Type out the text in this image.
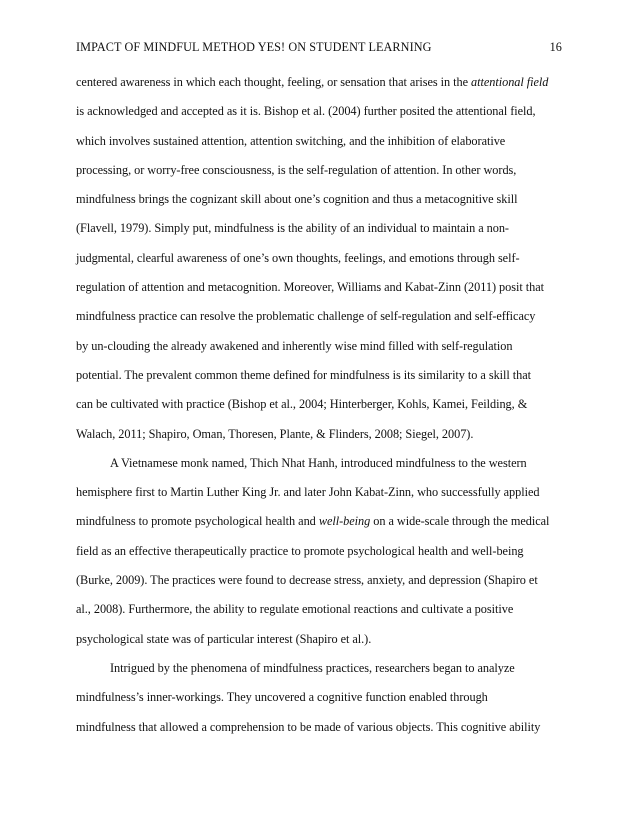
IMPACT OF MINDFUL METHOD YES! ON STUDENT LEARNING	16
centered awareness in which each thought, feeling, or sensation that arises in the attentional field
is acknowledged and accepted as it is. Bishop et al. (2004) further posited the attentional field,
which involves sustained attention, attention switching, and the inhibition of elaborative
processing, or worry-free consciousness, is the self-regulation of attention. In other words,
mindfulness brings the cognizant skill about one’s cognition and thus a metacognitive skill
(Flavell, 1979). Simply put, mindfulness is the ability of an individual to maintain a non-
judgmental, clearful awareness of one’s own thoughts, feelings, and emotions through self-
regulation of attention and metacognition. Moreover, Williams and Kabat-Zinn (2011) posit that
mindfulness practice can resolve the problematic challenge of self-regulation and self-efficacy
by un-clouding the already awakened and inherently wise mind filled with self-regulation
potential. The prevalent common theme defined for mindfulness is its similarity to a skill that
can be cultivated with practice (Bishop et al., 2004; Hinterberger, Kohls, Kamei, Feilding, &
Walach, 2011; Shapiro, Oman, Thoresen, Plante, & Flinders, 2008; Siegel, 2007).
A Vietnamese monk named, Thich Nhat Hanh, introduced mindfulness to the western
hemisphere first to Martin Luther King Jr. and later John Kabat-Zinn, who successfully applied
mindfulness to promote psychological health and well-being on a wide-scale through the medical
field as an effective therapeutically practice to promote psychological health and well-being
(Burke, 2009). The practices were found to decrease stress, anxiety, and depression (Shapiro et
al., 2008). Furthermore, the ability to regulate emotional reactions and cultivate a positive
psychological state was of particular interest (Shapiro et al.).
Intrigued by the phenomena of mindfulness practices, researchers began to analyze
mindfulness’s inner-workings. They uncovered a cognitive function enabled through
mindfulness that allowed a comprehension to be made of various objects. This cognitive ability
